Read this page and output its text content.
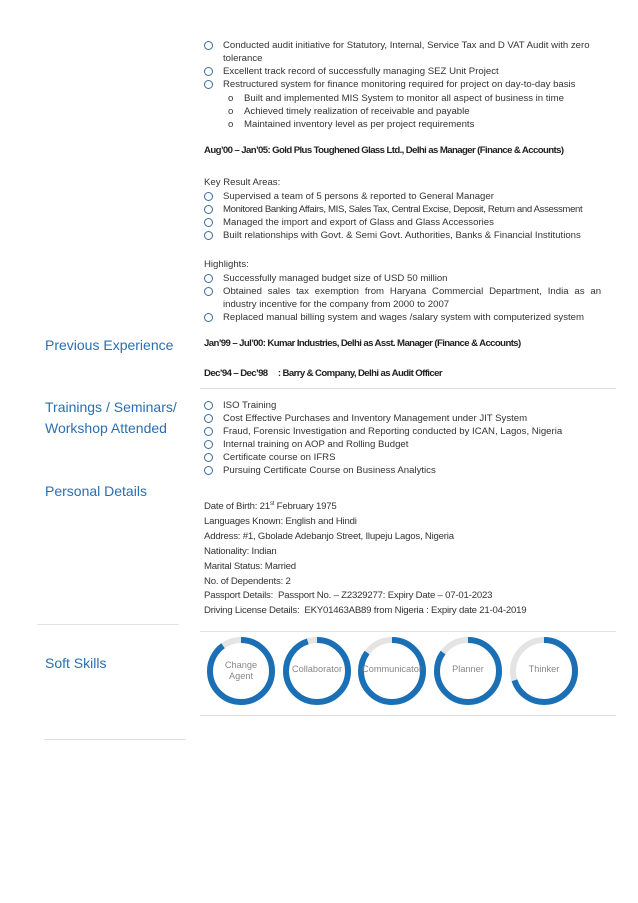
Conducted audit initiative for Statutory, Internal, Service Tax and D VAT Audit with zero
tolerance
Excellent track record of successfully managing SEZ Unit Project
Restructured system for finance monitoring required for project on day-to-day basis
o Built and implemented MIS System to monitor all aspect of business in time
o Achieved timely realization of receivable and payable
o Maintained inventory level as per project requirements
Aug’00 – Jan’05: Gold Plus Toughened Glass Ltd., Delhi as Manager (Finance & Accounts)
Key Result Areas:
Supervised a team of 5 persons & reported to General Manager
Monitored Banking Affairs, MIS, Sales Tax, Central Excise, Deposit, Return and Assessment
Managed the import and export of Glass and Glass Accessories
Built relationships with Govt. & Semi Govt. Authorities, Banks & Financial Institutions
Highlights:
Successfully managed budget size of USD 50 million
Obtained sales tax exemption from Haryana Commercial Department, India as an
industry incentive for the company from 2000 to 2007
Replaced manual billing system and wages /salary system with computerized system
Previous Experience	Jan’99 – Jul’00: Kumar Industries, Delhi as Asst. Manager (Finance & Accounts)
Dec’94 – Dec’98     : Barry & Company, Delhi as Audit Officer
Trainings / Seminars/
Workshop Attended
ISO Training
Cost Effective Purchases and Inventory Management under JIT System
Fraud, Forensic Investigation and Reporting conducted by ICAN, Lagos, Nigeria
Internal training on AOP and Rolling Budget
Certificate course on IFRS
Pursuing Certificate Course on Business Analytics
Personal Details
Date of Birth: 21st February 1975
Languages Known: English and Hindi
Address: #1, Gbolade Adebanjo Street, Ilupeju Lagos, Nigeria
Nationality: Indian
Marital Status: Married
No. of Dependents: 2
Passport Details:  Passport No. – Z2329277: Expiry Date – 07-01-2023
Driving License Details:  EKY01463AB89 from Nigeria : Expiry date 21-04-2019
Soft Skills	Change
Agent
Collaborator	Communicator	Planner	Thinker
